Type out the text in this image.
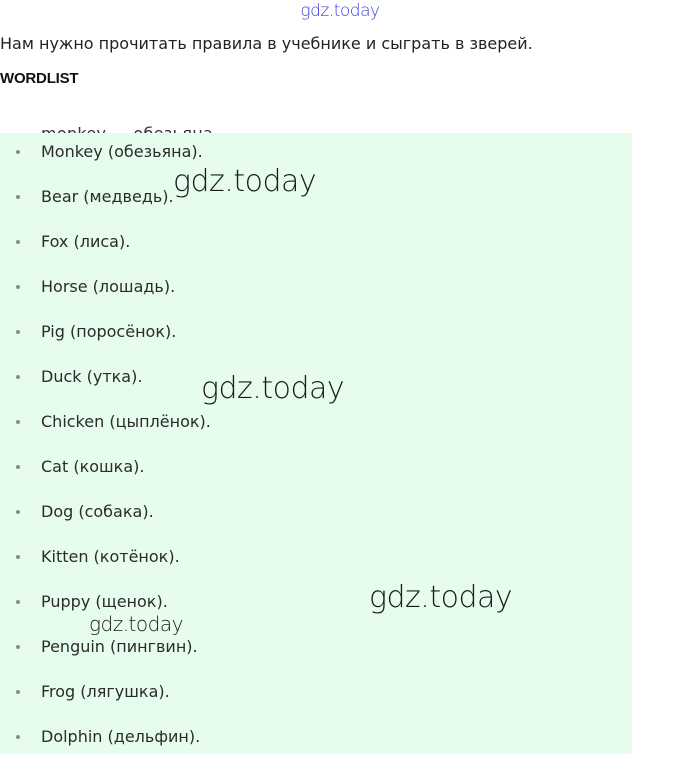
gdz.today
Нам нужно прочитать правила в учебнике и сыграть в зверей.
WORDLIST
Monkey (обезьяна).
Bear (медведь).
Fox (лиса).
Horse (лошадь).
Pig (поросёнок).
Duck (утка).
Chicken (цыплёнок).
Cat (кошка).
Dog (собака).
Kitten (котёнок).
Puppy (щенок).
Penguin (пингвин).
Frog (лягушка).
Dolphin (дельфин).
gdz.today
gdz.today
gdz.today
gdz.today
